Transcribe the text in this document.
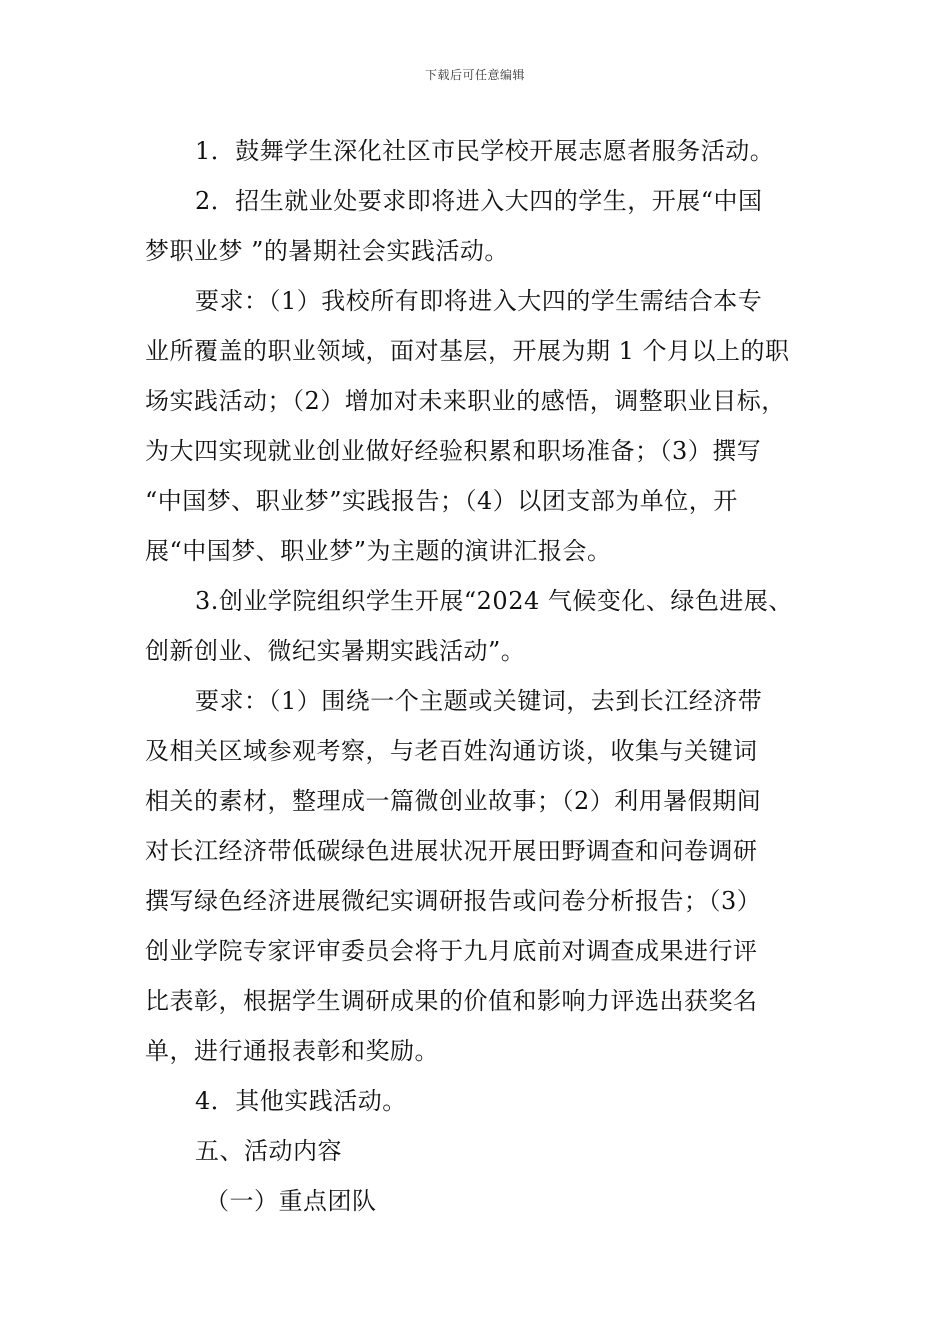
下载后可任意编辑
1．鼓舞学生深化社区市民学校开展志愿者服务活动。
2．招生就业处要求即将进入大四的学生，开展“中国
梦职业梦 ”的暑期社会实践活动。
要求：（1）我校所有即将进入大四的学生需结合本专
业所覆盖的职业领域，面对基层，开展为期 1 个月以上的职
场实践活动；（2）增加对未来职业的感悟，调整职业目标，
为大四实现就业创业做好经验积累和职场准备；（3）撰写
“中国梦、职业梦”实践报告；（4）以团支部为单位，开
展“中国梦、职业梦”为主题的演讲汇报会。
3.创业学院组织学生开展“2024 气候变化、绿色进展、
创新创业、微纪实暑期实践活动”。
要求：（1）围绕一个主题或关键词，去到长江经济带
及相关区域参观考察，与老百姓沟通访谈，收集与关键词
相关的素材，整理成一篇微创业故事；（2）利用暑假期间
对长江经济带低碳绿色进展状况开展田野调查和问卷调研
撰写绿色经济进展微纪实调研报告或问卷分析报告；（3）
创业学院专家评审委员会将于九月底前对调查成果进行评
比表彰，根据学生调研成果的价值和影响力评选出获奖名
单，进行通报表彰和奖励。
4．其他实践活动。
五、活动内容
（一）重点团队
